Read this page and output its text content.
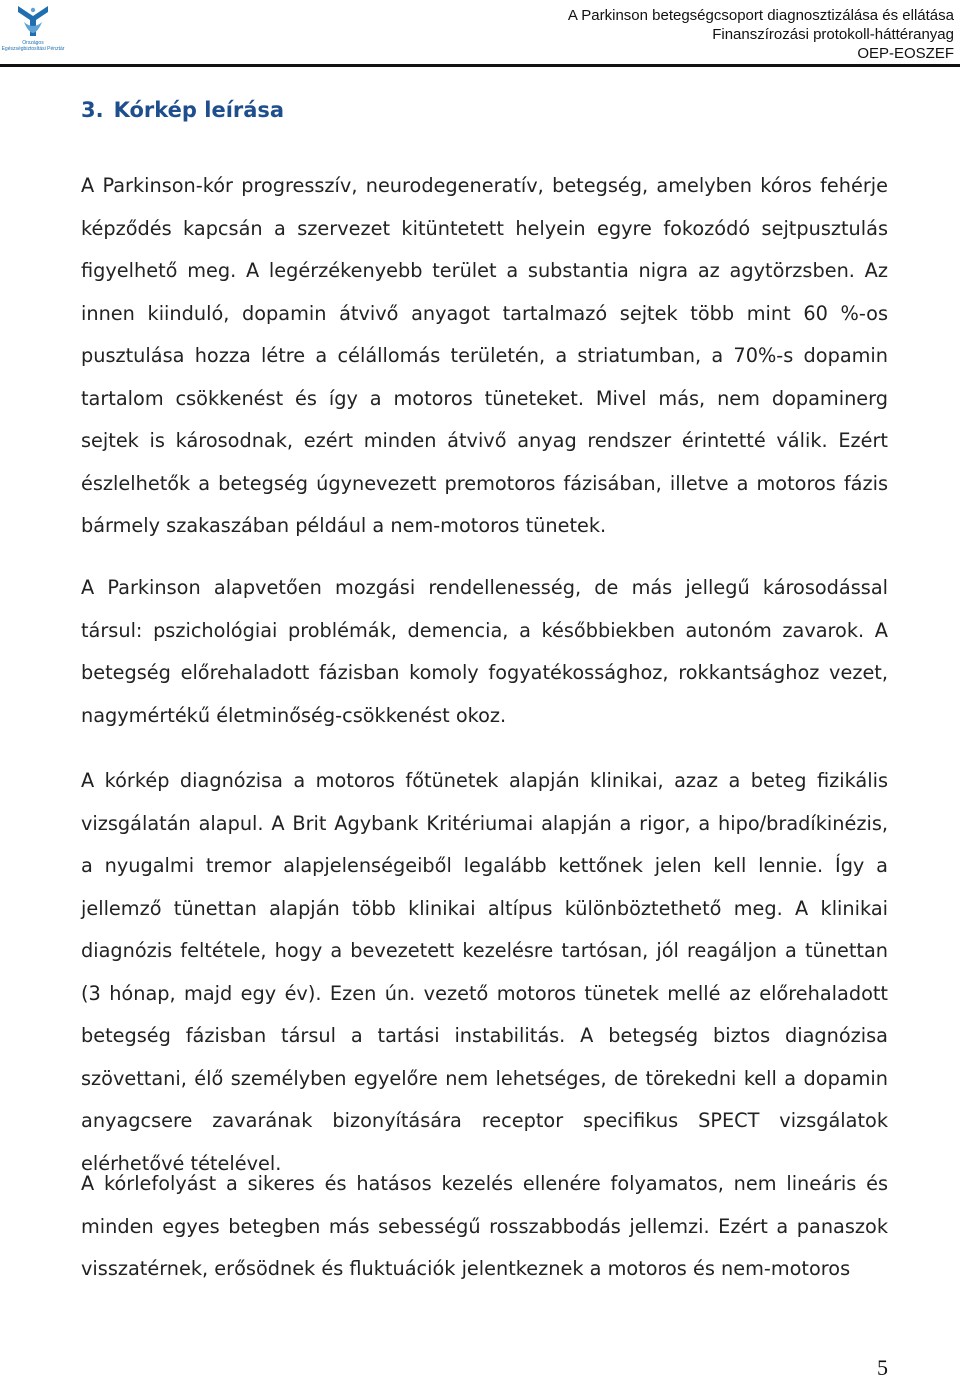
Országos Egészségbiztosítási Pénztár
A Parkinson betegségcsoport diagnosztizálása és ellátása
Finanszírozási protokoll-háttéranyag
OEP-EOSZEF
3. Kórkép leírása
A Parkinson-kór progresszív, neurodegeneratív, betegség, amelyben kóros fehérje képződés kapcsán a szervezet kitüntetett helyein egyre fokozódó sejtpusztulás figyelhető meg. A legérzékenyebb terület a substantia nigra az agytörzsben. Az innen kiinduló, dopamin átvivő anyagot tartalmazó sejtek több mint 60 %-os pusztulása hozza létre a célállomás területén, a striatumban, a 70%-s dopamin tartalom csökkenést és így a motoros tüneteket. Mivel más, nem dopaminerg sejtek is károsodnak, ezért minden átvivő anyag rendszer érintetté válik. Ezért észlelhetők a betegség úgynevezett premotoros fázisában, illetve a motoros fázis bármely szakaszában például a nem-motoros tünetek.
A Parkinson alapvetően mozgási rendellenesség, de más jellegű károsodással társul: pszichológiai problémák, demencia, a későbbiekben autonóm zavarok. A betegség előrehaladott fázisban komoly fogyatékossághoz, rokkantsághoz vezet, nagymértékű életminőség-csökkenést okoz.
A kórkép diagnózisa a motoros főtünetek alapján klinikai, azaz a beteg fizikális vizsgálatán alapul. A Brit Agybank Kritériumai alapján a rigor, a hipo/bradíkinézis, a nyugalmi tremor alapjelenségeiből legalább kettőnek jelen kell lennie. Így a jellemző tünettan alapján több klinikai altípus különböztethető meg. A klinikai diagnózis feltétele, hogy a bevezetett kezelésre tartósan, jól reagáljon a tünettan (3 hónap, majd egy év). Ezen ún. vezető motoros tünetek mellé az előrehaladott betegség fázisban társul a tartási instabilitás. A betegség biztos diagnózisa szövettani, élő személyben egyelőre nem lehetséges, de törekedni kell a dopamin anyagcsere zavarának bizonyítására receptor specifikus SPECT vizsgálatok elérhetővé tételével.
A kórlefolyást a sikeres és hatásos kezelés ellenére folyamatos, nem lineáris és minden egyes betegben más sebességű rosszabbodás jellemzi. Ezért a panaszok visszatérnek, erősödnek és fluktuációk jelentkeznek a motoros és nem-motoros
5
